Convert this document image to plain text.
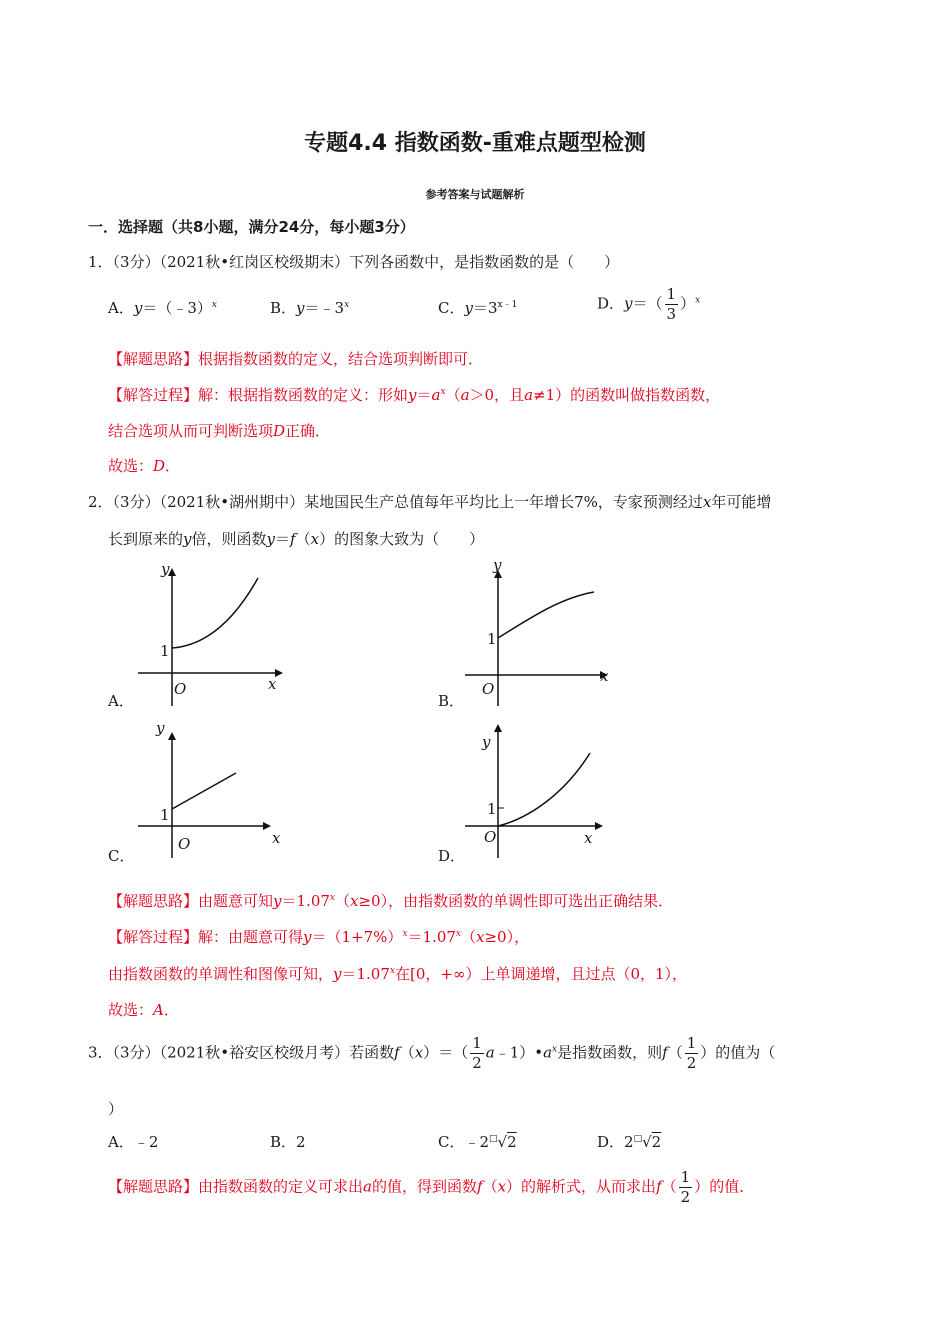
专题4.4 指数函数-重难点题型检测
参考答案与试题解析
一．选择题（共8小题，满分24分，每小题3分）
1．（3分）（2021秋•红岗区校级期末）下列各函数中，是指数函数的是（　　）
A．y＝（﹣3）$^x$	B．$y=﹣3^x$	C．$y=3^{x﹣1}$	D．$y=( \frac{1}{3} )^x$
【解题思路】根据指数函数的定义，结合选项判断即可．
【解答过程】解：根据指数函数的定义：形如$y=a^x(a>0$，且a≠1）的函数叫做指数函数，
结合选项从而可判断选项D正确．
故选：D．
2．（3分）（2021秋•湖州期中）某地国民生产总值每年平均比上一年增长7%，专家预测经过x年可能增
长到原来的y倍，则函数y＝f（x）的图象大致为（　　）
y
1
O	x
A．
y
1
O
x
B．
y
1
O	x
C．
y
1
O	x
D．
【解题思路】由题意可知$y=1.07^x(x\ge 0)$，由指数函数的单调性即可选出正确结果．
【解答过程】解：由题意可得$y=(1+7\%)^x=1.07^x(x\ge 0)$，
由指数函数的单调性和图像可知，$y=1.07^x$在[0，+∞）上单调递增，且过点（0，1），
故选：A．
3．（3分）（2021秋•裕安区校级月考）若函数$f(x)=( \frac{1}{2}$ $a﹣1)•a^x$是指数函数，则$f( \frac{1}{2}$ ）的值为（
）
A．﹣2	B．2	C．﹣2□√2	D．2□√2
【解题思路】由指数函数的定义可求出a的值，得到函数f（x）的解析式，从而求出$f( \frac{1}{2}$ ）的值．
